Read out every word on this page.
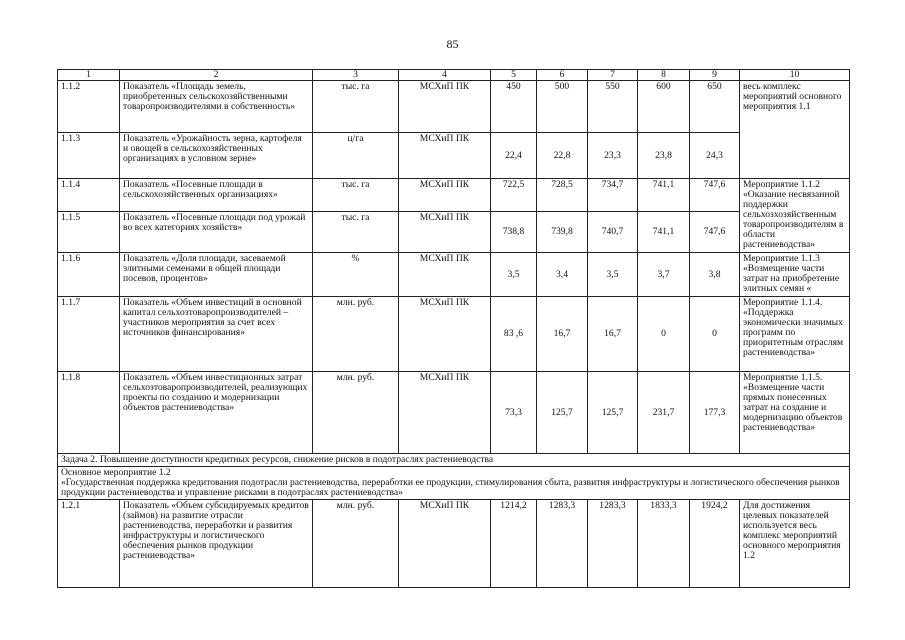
85
1	2	3	4	5	6	7	8	9	10
1.1.2	Показатель «Площадь земель, приобретенных сельскохозяйственными товаропроизводителями в собственность»	тыс. га	МСХиП ПК	450	500	550	600	650	весь комплекс мероприятий основного мероприятия 1.1
1.1.3	Показатель «Урожайность зерна, картофеля и овощей в сельскохозяйственных организациях в условном зерне»	ц/га	МСХиП ПК	22,4	22,8	23,3	23,8	24,3	
1.1.4	Показатель «Посевные площади в сельскохозяйственных организациях»	тыс. га	МСХиП ПК	722,5	728,5	734,7	741,1	747,6	Мероприятие 1.1.2 «Оказание несвязанной поддержки сельхозхозяйственным товаропроизводителям в области растениеводства»
1.1.5	Показатель «Посевные площади под урожай во всех категориях хозяйств»	тыс. га	МСХиП ПК	738,8	739,8	740,7	741,1	747,6	
1.1.6	Показатель «Доля площади, засеваемой элитными семенами в общей площади посевов, процентов»	%	МСХиП ПК	3,5	3,4	3,5	3,7	3,8	Мероприятие 1.1.3 «Возмещение части затрат на приобретение элитных семян «
1.1.7	Показатель «Объем инвестиций в основной капитал сельхозтоваропроизводителей – участников мероприятия за счет всех источников финансирования»	млн. руб.	МСХиП ПК	83 ,6	16,7	16,7	0	0	Мероприятие 1.1.4. «Поддержка экономически значимых программ по приоритетным отраслям растениеводства»
1.1.8	Показатель «Объем инвестиционных затрат сельхозтоваропроизводителей, реализующих проекты по созданию и модернизации объектов растениеводства»	млн. руб.	МСХиП ПК	73,3	125,7	125,7	231,7	177,3	Мероприятие 1.1.5. «Возмещение части прямых понесенных затрат на создание и модернизацию объектов растениеводства»
Задача 2. Повышение доступности кредитных ресурсов, снижение рисков в подотраслях растениеводства									

Основное мероприятие 1.2
«Государственная поддержка кредитования подотрасли растениеводства, переработки ее продукции, стимулирования сбыта, развития инфраструктуры и логистического обеспечения рынков продукции растениеводства и управление рисками в подотраслях растениеводства»									

1.2.1	Показатель «Объем субсидируемых кредитов (займов) на развитие отрасли растениеводства, переработки и развития инфраструктуры и логистического обеспечения рынков продукции растениеводства»	млн. руб.	МСХиП ПК	1214,2	1283,3	1283,3	1833,3	1924,2	Для достижения целевых показателей используется весь комплекс мероприятий основного мероприятия 1.2
